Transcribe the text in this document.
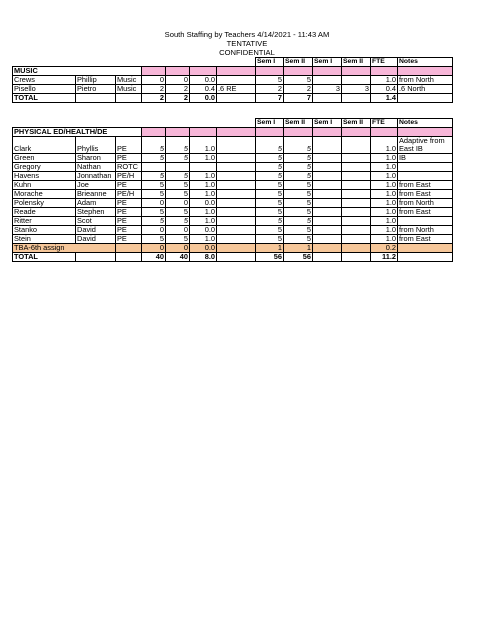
South Staffing by Teachers 4/14/2021 - 11:43 AM
TENTATIVE
CONFIDENTIAL
							Sem I	Sem II	Sem I	Sem II	FTE	Notes
MUSIC												
Crews	Phillip	Music	0	0	0.0		5	5			1.0	from North
Pisello	Pietro	Music	2	2	0.4	.6 RE	2	2	3	3	0.4	.6 North
TOTAL			2	2	0.0		7	7			1.4	
							Sem I	Sem II	Sem I	Sem II	FTE	Notes
PHYSICAL ED/HEALTH/DE												
Clark	Phyllis	PE	5	5	1.0		5	5			1.0	Adaptive from East IB
Green	Sharon	PE	5	5	1.0		5	5			1.0	IB
Gregory	Nathan	ROTC					5	5			1.0	
Havens	Jonnathan	PE/H	5	5	1.0		5	5			1.0	
Kuhn	Joe	PE	5	5	1.0		5	5			1.0	from East
Morache	Brieanne	PE/H	5	5	1.0		5	5			1.0	from East
Polensky	Adam	PE	0	0	0.0		5	5			1.0	from North
Reade	Stephen	PE	5	5	1.0		5	5			1.0	from East
Ritter	Scot	PE	5	5	1.0		5	5			1.0	
Stanko	David	PE	0	0	0.0		5	5			1.0	from North
Stein	David	PE	5	5	1.0		5	5			1.0	from East
TBA-6th assign			0	0	0.0		1	1			0.2	
TOTAL			40	40	8.0		56	56			11.2	
